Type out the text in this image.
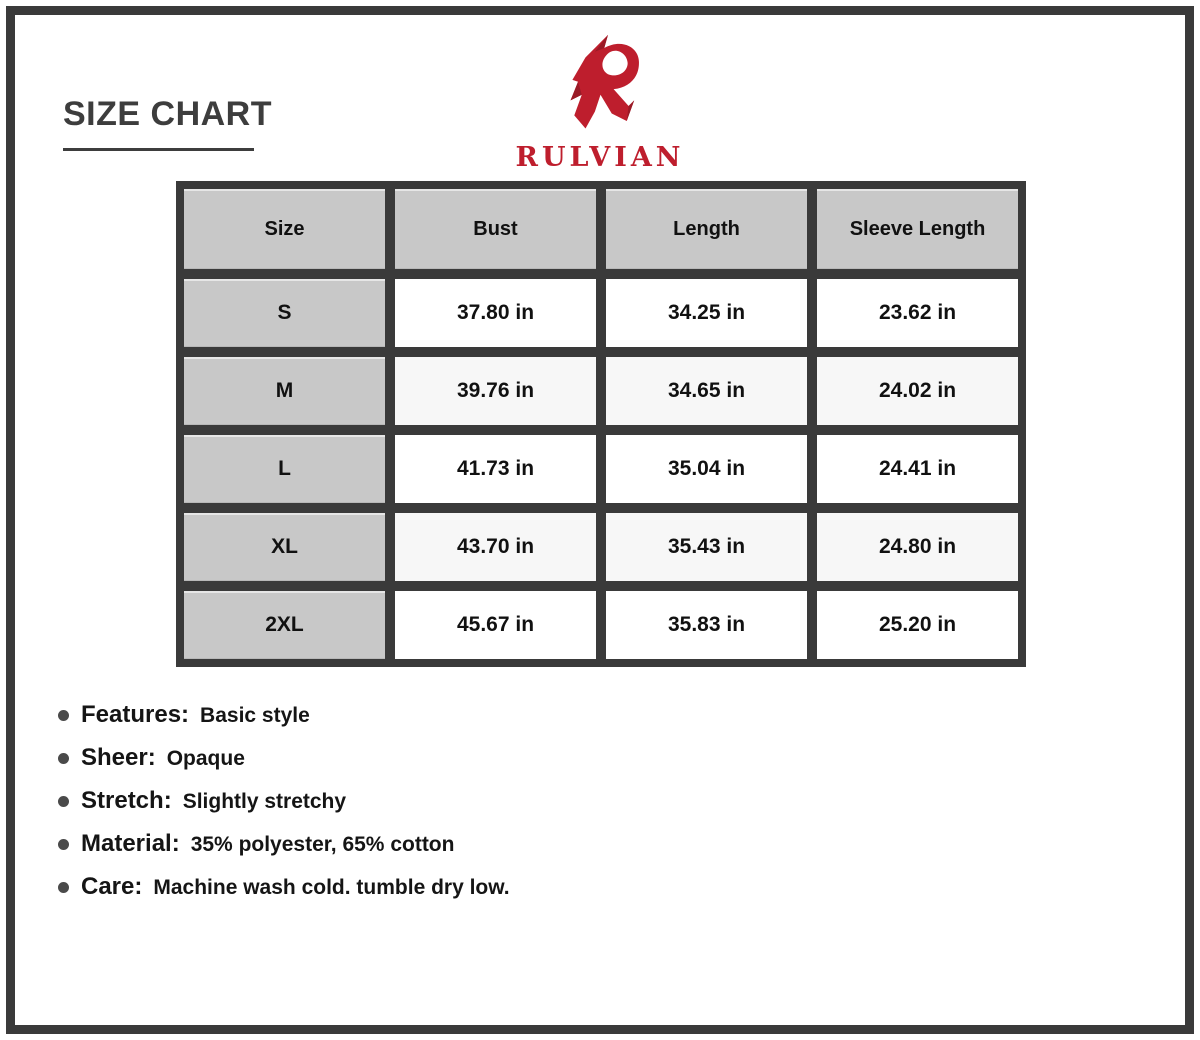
SIZE CHART
RULVIAN
Size	Bust	Length	Sleeve Length
S	37.80 in	34.25 in	23.62 in
M	39.76 in	34.65 in	24.02 in
L	41.73 in	35.04 in	24.41 in
XL	43.70 in	35.43 in	24.80 in
2XL	45.67 in	35.83 in	25.20 in
Features: Basic style
Sheer: Opaque
Stretch: Slightly stretchy
Material: 35% polyester, 65% cotton
Care: Machine wash cold. tumble dry low.
